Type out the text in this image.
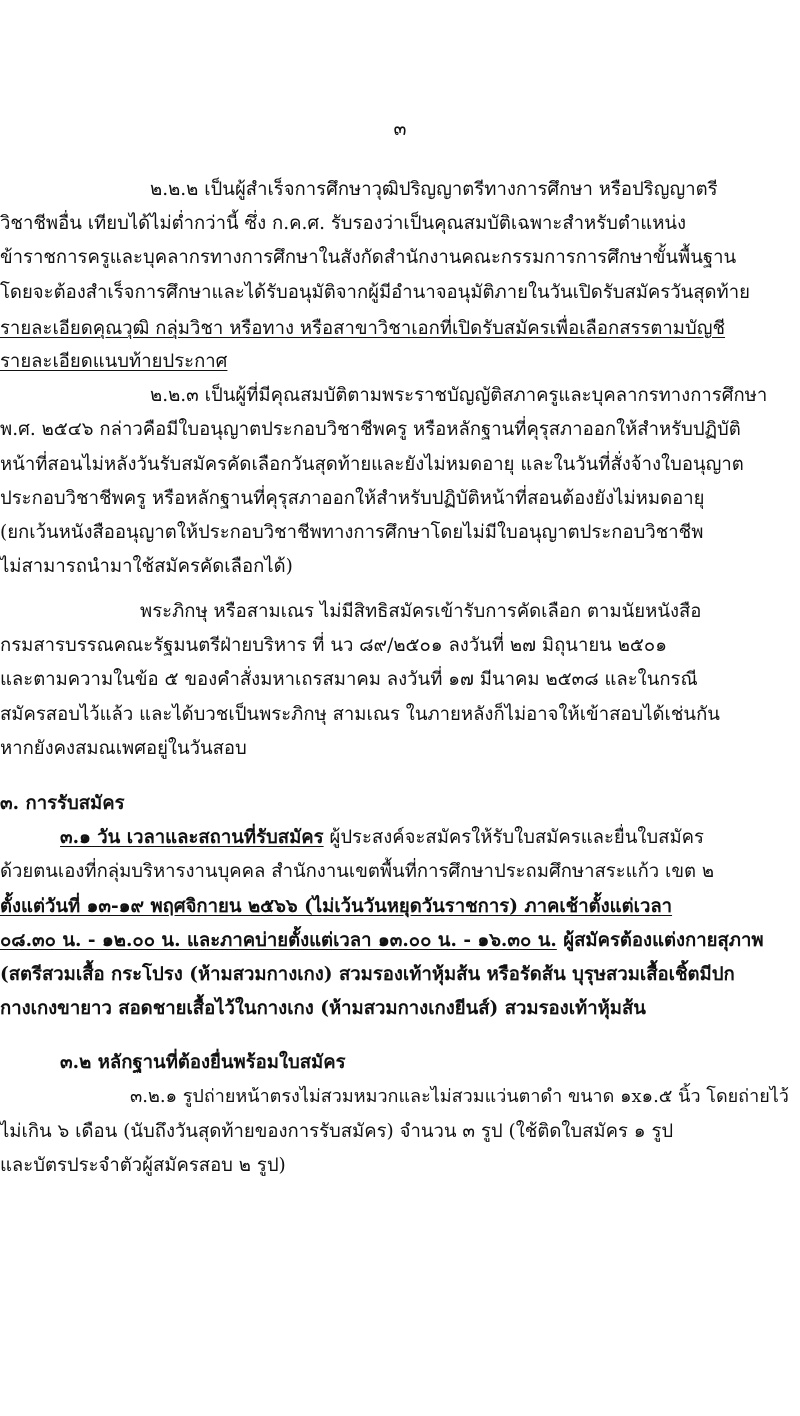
๓
๒.๒.๒ เป็นผู้สำเร็จการศึกษาวุฒิปริญญาตรีทางการศึกษา หรือปริญญาตรี
วิชาชีพอื่น เทียบได้ไม่ต่ำกว่านี้ ซึ่ง ก.ค.ศ. รับรองว่าเป็นคุณสมบัติเฉพาะสำหรับตำแหน่ง
ข้าราชการครูและบุคลากรทางการศึกษาในสังกัดสำนักงานคณะกรรมการการศึกษาขั้นพื้นฐาน
โดยจะต้องสำเร็จการศึกษาและได้รับอนุมัติจากผู้มีอำนาจอนุมัติภายในวันเปิดรับสมัครวันสุดท้าย
รายละเอียดคุณวุฒิ กลุ่มวิชา หรือทาง หรือสาขาวิชาเอกที่เปิดรับสมัครเพื่อเลือกสรรตามบัญชี
รายละเอียดแนบท้ายประกาศ
๒.๒.๓ เป็นผู้ที่มีคุณสมบัติตามพระราชบัญญัติสภาครูและบุคลากรทางการศึกษา
พ.ศ. ๒๕๔๖ กล่าวคือมีใบอนุญาตประกอบวิชาชีพครู หรือหลักฐานที่คุรุสภาออกให้สำหรับปฏิบัติ
หน้าที่สอนไม่หลังวันรับสมัครคัดเลือกวันสุดท้ายและยังไม่หมดอายุ และในวันที่สั่งจ้างใบอนุญาต
ประกอบวิชาชีพครู หรือหลักฐานที่คุรุสภาออกให้สำหรับปฏิบัติหน้าที่สอนต้องยังไม่หมดอายุ
(ยกเว้นหนังสืออนุญาตให้ประกอบวิชาชีพทางการศึกษาโดยไม่มีใบอนุญาตประกอบวิชาชีพ
ไม่สามารถนำมาใช้สมัครคัดเลือกได้)
พระภิกษุ หรือสามเณร ไม่มีสิทธิสมัครเข้ารับการคัดเลือก ตามนัยหนังสือ
กรมสารบรรณคณะรัฐมนตรีฝ่ายบริหาร ที่ นว ๘๙/๒๕๐๑ ลงวันที่ ๒๗ มิถุนายน ๒๕๐๑
และตามความในข้อ ๕ ของคำสั่งมหาเถรสมาคม ลงวันที่ ๑๗ มีนาคม ๒๕๓๘ และในกรณี
สมัครสอบไว้แล้ว และได้บวชเป็นพระภิกษุ สามเณร ในภายหลังก็ไม่อาจให้เข้าสอบได้เช่นกัน
หากยังคงสมณเพศอยู่ในวันสอบ
๓. การรับสมัคร
๓.๑ วัน เวลาและสถานที่รับสมัคร ผู้ประสงค์จะสมัครให้รับใบสมัครและยื่นใบสมัคร
ด้วยตนเองที่กลุ่มบริหารงานบุคคล สำนักงานเขตพื้นที่การศึกษาประถมศึกษาสระแก้ว เขต ๒
ตั้งแต่วันที่ ๑๓-๑๙ พฤศจิกายน ๒๕๖๖ (ไม่เว้นวันหยุดวันราชการ) ภาคเช้าตั้งแต่เวลา
๐๘.๓๐ น. - ๑๒.๐๐ น. และภาคบ่ายตั้งแต่เวลา ๑๓.๐๐ น. - ๑๖.๓๐ น. ผู้สมัครต้องแต่งกายสุภาพ
(สตรีสวมเสื้อ กระโปรง (ห้ามสวมกางเกง) สวมรองเท้าหุ้มส้น หรือรัดส้น บุรุษสวมเสื้อเชิ้ตมีปก
กางเกงขายาว สอดชายเสื้อไว้ในกางเกง (ห้ามสวมกางเกงยีนส์) สวมรองเท้าหุ้มส้น
๓.๒ หลักฐานที่ต้องยื่นพร้อมใบสมัคร
๓.๒.๑ รูปถ่ายหน้าตรงไม่สวมหมวกและไม่สวมแว่นตาดำ ขนาด ๑x๑.๕ นิ้ว โดยถ่ายไว้
ไม่เกิน ๖ เดือน (นับถึงวันสุดท้ายของการรับสมัคร) จำนวน ๓ รูป (ใช้ติดใบสมัคร ๑ รูป
และบัตรประจำตัวผู้สมัครสอบ ๒ รูป)
